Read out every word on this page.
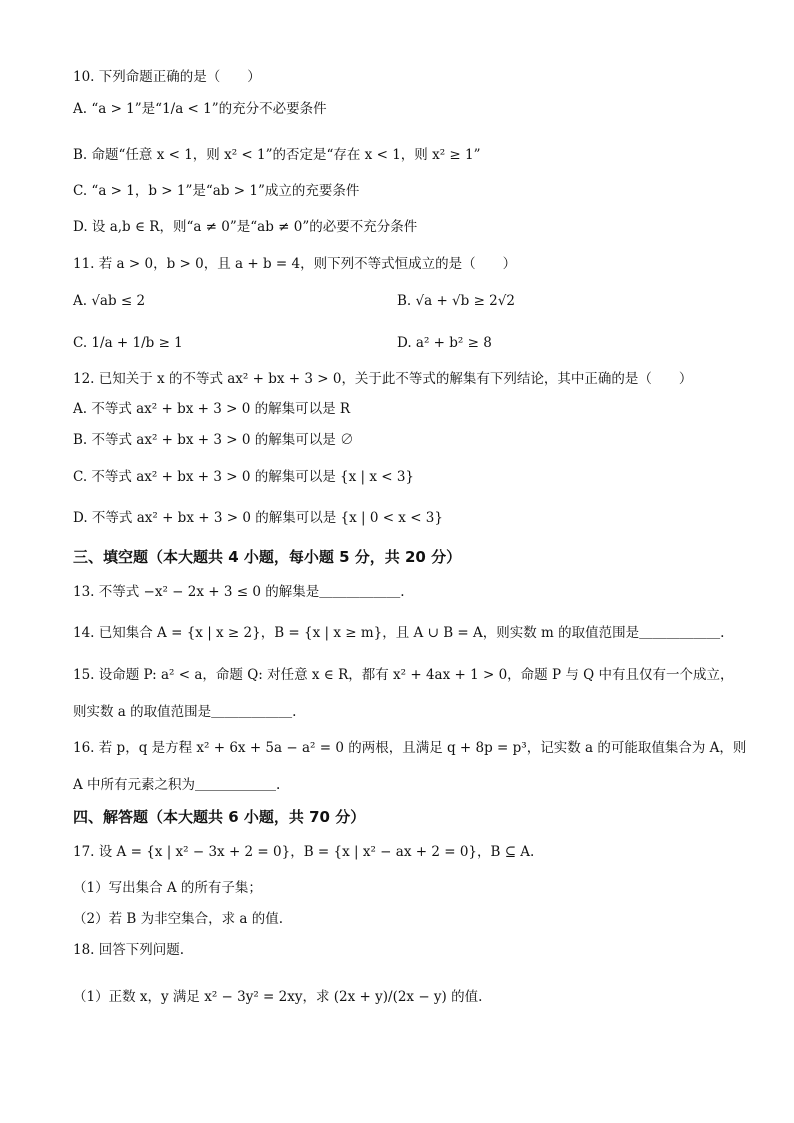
10. 下列命题正确的是（　　）
A. “a > 1”是“1/a < 1”的充分不必要条件
B. 命题“任意 x < 1，则 x² < 1”的否定是“存在 x < 1，则 x² ≥ 1”
C. “a > 1，b > 1”是“ab > 1”成立的充要条件
D. 设 a,b ∈ R，则“a ≠ 0”是“ab ≠ 0”的必要不充分条件
11. 若 a > 0，b > 0，且 a + b = 4，则下列不等式恒成立的是（　　）
A. √ab ≤ 2	B. √a + √b ≥ 2√2
C. 1/a + 1/b ≥ 1	D. a² + b² ≥ 8
12. 已知关于 x 的不等式 ax² + bx + 3 > 0，关于此不等式的解集有下列结论，其中正确的是（　　）
A. 不等式 ax² + bx + 3 > 0 的解集可以是 R
B. 不等式 ax² + bx + 3 > 0 的解集可以是 ∅
C. 不等式 ax² + bx + 3 > 0 的解集可以是 {x | x < 3}
D. 不等式 ax² + bx + 3 > 0 的解集可以是 {x | 0 < x < 3}
三、填空题（本大题共 4 小题，每小题 5 分，共 20 分）
13. 不等式 −x² − 2x + 3 ≤ 0 的解集是＿＿＿＿＿＿.
14. 已知集合 A = {x | x ≥ 2}，B = {x | x ≥ m}，且 A ∪ B = A，则实数 m 的取值范围是＿＿＿＿＿＿.
15. 设命题 P: a² < a，命题 Q: 对任意 x ∈ R，都有 x² + 4ax + 1 > 0，命题 P 与 Q 中有且仅有一个成立，
则实数 a 的取值范围是＿＿＿＿＿＿.
16. 若 p，q 是方程 x² + 6x + 5a − a² = 0 的两根，且满足 q + 8p = p³，记实数 a 的可能取值集合为 A，则
A 中所有元素之积为＿＿＿＿＿＿.
四、解答题（本大题共 6 小题，共 70 分）
17. 设 A = {x | x² − 3x + 2 = 0}，B = {x | x² − ax + 2 = 0}，B ⊆ A.
（1）写出集合 A 的所有子集；
（2）若 B 为非空集合，求 a 的值.
18. 回答下列问题.
（1）正数 x，y 满足 x² − 3y² = 2xy，求 (2x + y)/(2x − y) 的值.
